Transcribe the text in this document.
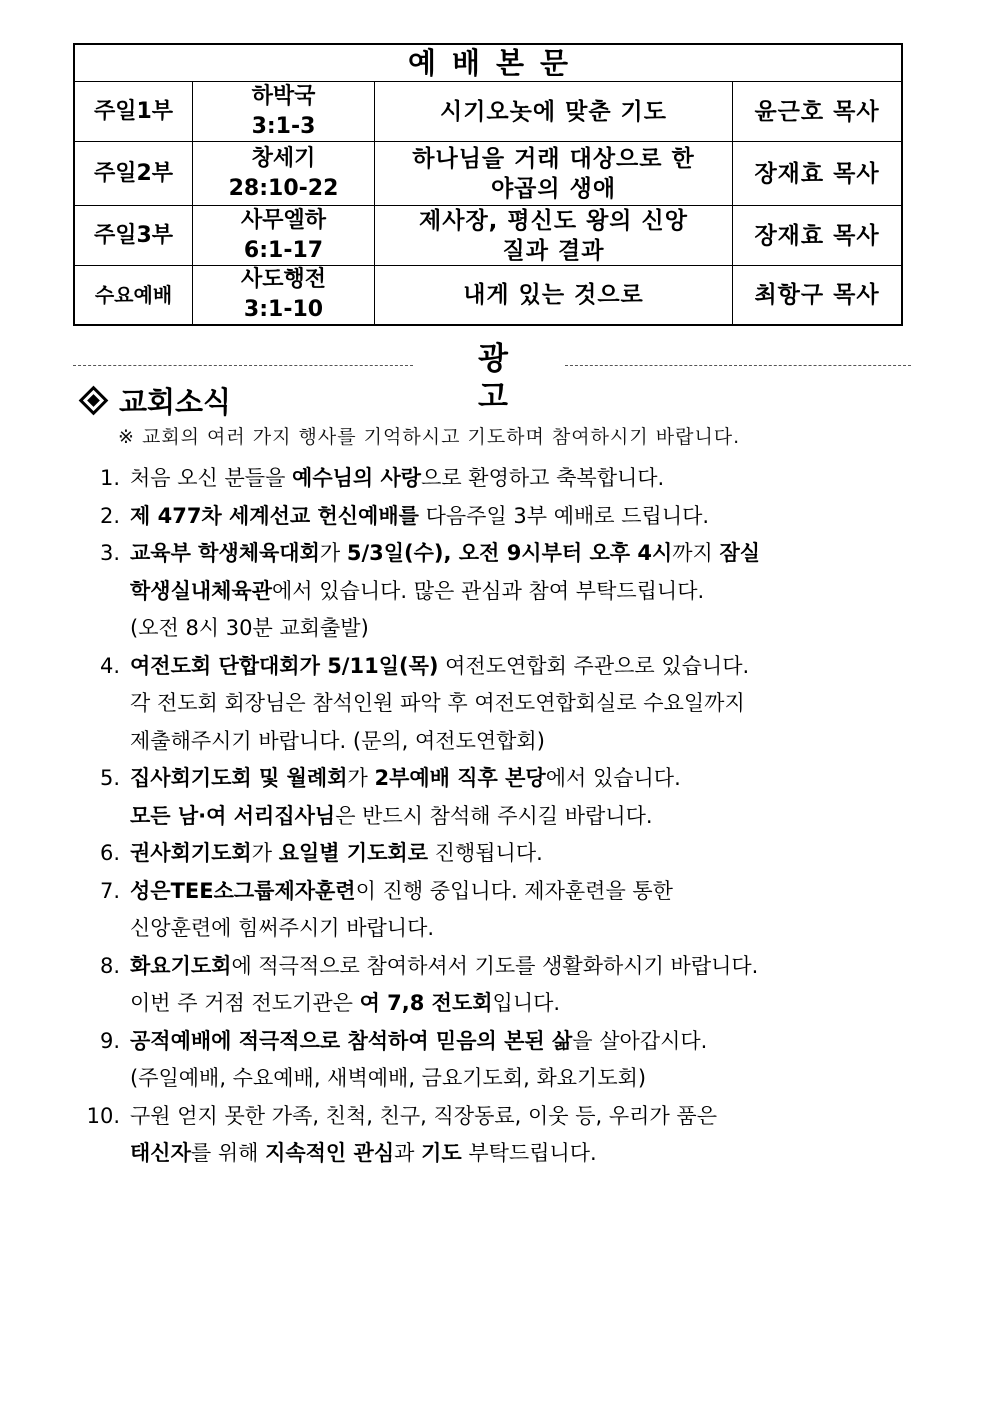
예배본문
주일1부
하박국
3:1-3
시기오놋에 맞춘 기도	윤근호 목사
주일2부
창세기
28:10-22
하나님을 거래 대상으로 한
야곱의 생애
장재효 목사
주일3부
사무엘하
6:1-17
제사장, 평신도 왕의 신앙
질과 결과
장재효 목사
수요예배
사도행전
3:1-10
내게 있는 것으로	최항구 목사
광고
교회소식
※ 교회의 여러 가지 행사를 기억하시고 기도하며 참여하시기 바랍니다.
1. 처음 오신 분들을 예수님의 사랑으로 환영하고 축복합니다.
2. 제 477차 세계선교 헌신예배를 다음주일 3부 예배로 드립니다.
3. 교육부 학생체육대회가 5/3일(수), 오전 9시부터 오후 4시까지 잠실
학생실내체육관에서 있습니다. 많은 관심과 참여 부탁드립니다.
(오전 8시 30분 교회출발)
4. 여전도회 단합대회가 5/11일(목) 여전도연합회 주관으로 있습니다.
각 전도회 회장님은 참석인원 파악 후 여전도연합회실로 수요일까지
제출해주시기 바랍니다. (문의, 여전도연합회)
5. 집사회기도회 및 월례회가 2부예배 직후 본당에서 있습니다.
모든 남·여 서리집사님은 반드시 참석해 주시길 바랍니다.
6. 권사회기도회가 요일별 기도회로 진행됩니다.
7. 성은TEE소그룹제자훈련이 진행 중입니다. 제자훈련을 통한
신앙훈련에 힘써주시기 바랍니다.
8. 화요기도회에 적극적으로 참여하셔서 기도를 생활화하시기 바랍니다.
이번 주 거점 전도기관은 여 7,8 전도회입니다.
9. 공적예배에 적극적으로 참석하여 믿음의 본된 삶을 살아갑시다.
(주일예배, 수요예배, 새벽예배, 금요기도회, 화요기도회)
10. 구원 얻지 못한 가족, 친척, 친구, 직장동료, 이웃 등, 우리가 품은
태신자를 위해 지속적인 관심과 기도 부탁드립니다.
